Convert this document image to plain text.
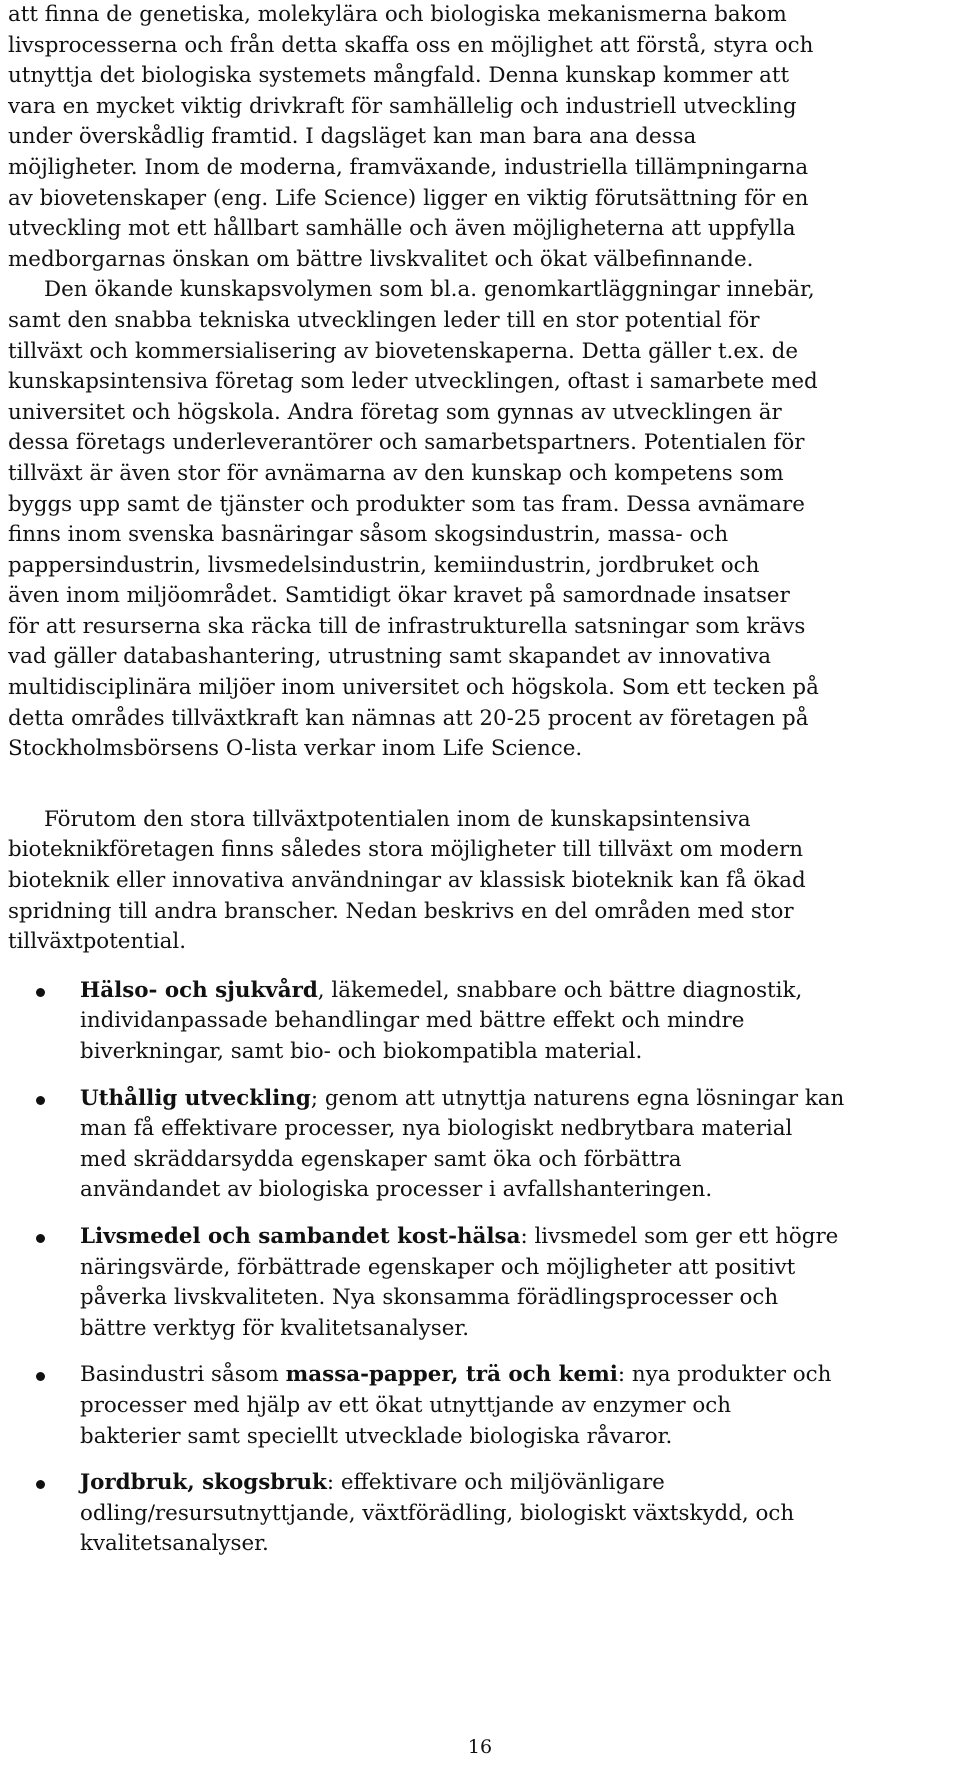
att finna de genetiska, molekylära och biologiska mekanismerna bakom
livsprocesserna och från detta skaffa oss en möjlighet att förstå, styra och
utnyttja det biologiska systemets mångfald. Denna kunskap kommer att
vara en mycket viktig drivkraft för samhällelig och industriell utveckling
under överskådlig framtid. I dagsläget kan man bara ana dessa
möjligheter. Inom de moderna, framväxande, industriella tillämpningarna
av biovetenskaper (eng. Life Science) ligger en viktig förutsättning för en
utveckling mot ett hållbart samhälle och även möjligheterna att uppfylla
medborgarnas önskan om bättre livskvalitet och ökat välbefinnande.
Den ökande kunskapsvolymen som bl.a. genomkartläggningar innebär,
samt den snabba tekniska utvecklingen leder till en stor potential för
tillväxt och kommersialisering av biovetenskaperna. Detta gäller t.ex. de
kunskapsintensiva företag som leder utvecklingen, oftast i samarbete med
universitet och högskola. Andra företag som gynnas av utvecklingen är
dessa företags underleverantörer och samarbetspartners. Potentialen för
tillväxt är även stor för avnämarna av den kunskap och kompetens som
byggs upp samt de tjänster och produkter som tas fram. Dessa avnämare
finns inom svenska basnäringar såsom skogsindustrin, massa- och
pappersindustrin, livsmedelsindustrin, kemiindustrin, jordbruket och
även inom miljöområdet. Samtidigt ökar kravet på samordnade insatser
för att resurserna ska räcka till de infrastrukturella satsningar som krävs
vad gäller databashantering, utrustning samt skapandet av innovativa
multidisciplinära miljöer inom universitet och högskola. Som ett tecken på
detta områdes tillväxtkraft kan nämnas att 20-25 procent av företagen på
Stockholmsbörsens O-lista verkar inom Life Science.
Förutom den stora tillväxtpotentialen inom de kunskapsintensiva
bioteknikföretagen finns således stora möjligheter till tillväxt om modern
bioteknik eller innovativa användningar av klassisk bioteknik kan få ökad
spridning till andra branscher. Nedan beskrivs en del områden med stor
tillväxtpotential.
Hälso- och sjukvård, läkemedel, snabbare och bättre diagnostik,
individanpassade behandlingar med bättre effekt och mindre
biverkningar, samt bio- och biokompatibla material.
Uthållig utveckling; genom att utnyttja naturens egna lösningar kan
man få effektivare processer, nya biologiskt nedbrytbara material
med skräddarsydda egenskaper samt öka och förbättra
användandet av biologiska processer i avfallshanteringen.
Livsmedel och sambandet kost-hälsa: livsmedel som ger ett högre
näringsvärde, förbättrade egenskaper och möjligheter att positivt
påverka livskvaliteten. Nya skonsamma förädlingsprocesser och
bättre verktyg för kvalitetsanalyser.
Basindustri såsom massa-papper, trä och kemi: nya produkter och
processer med hjälp av ett ökat utnyttjande av enzymer och
bakterier samt speciellt utvecklade biologiska råvaror.
Jordbruk, skogsbruk: effektivare och miljövänligare
odling/resursutnyttjande, växtförädling, biologiskt växtskydd, och
kvalitetsanalyser.
16
